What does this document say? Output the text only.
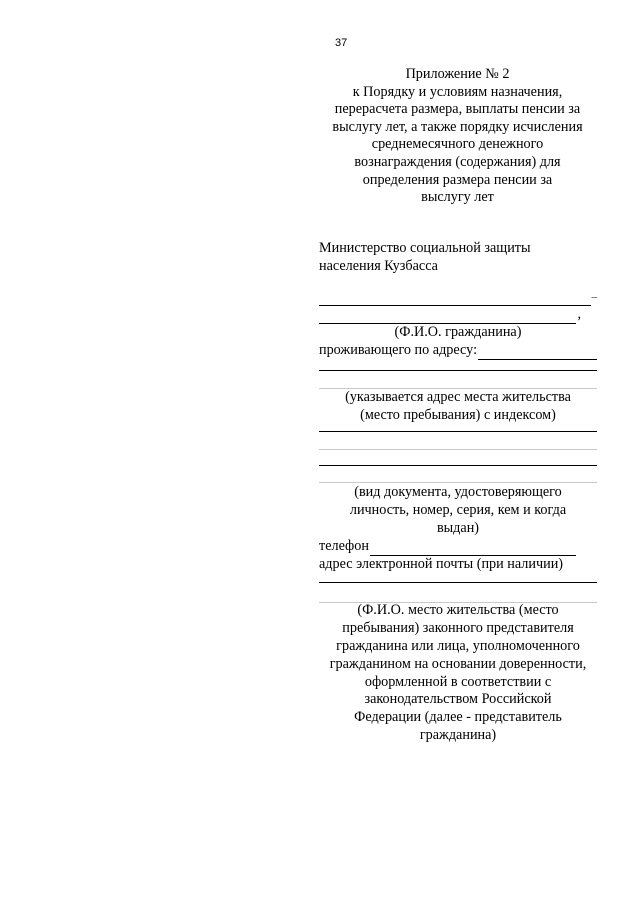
37
Приложение № 2
к Порядку и условиям назначения,
перерасчета размера, выплаты пенсии за
выслугу лет, а также порядку исчисления
среднемесячного денежного
вознаграждения (содержания) для
определения размера пенсии за
выслугу лет
Министерство социальной защиты
населения Кузбасса
–
,
(Ф.И.О. гражданина)
проживающего по адресу:
(указывается адрес места жительства
(место пребывания) с индексом)
(вид документа, удостоверяющего
личность, номер, серия, кем и когда
выдан)
телефон
адрес электронной почты (при наличии)
(Ф.И.О. место жительства (место
пребывания) законного представителя
гражданина или лица, уполномоченного
гражданином на основании доверенности,
оформленной в соответствии с
законодательством Российской
Федерации (далее - представитель
гражданина)
